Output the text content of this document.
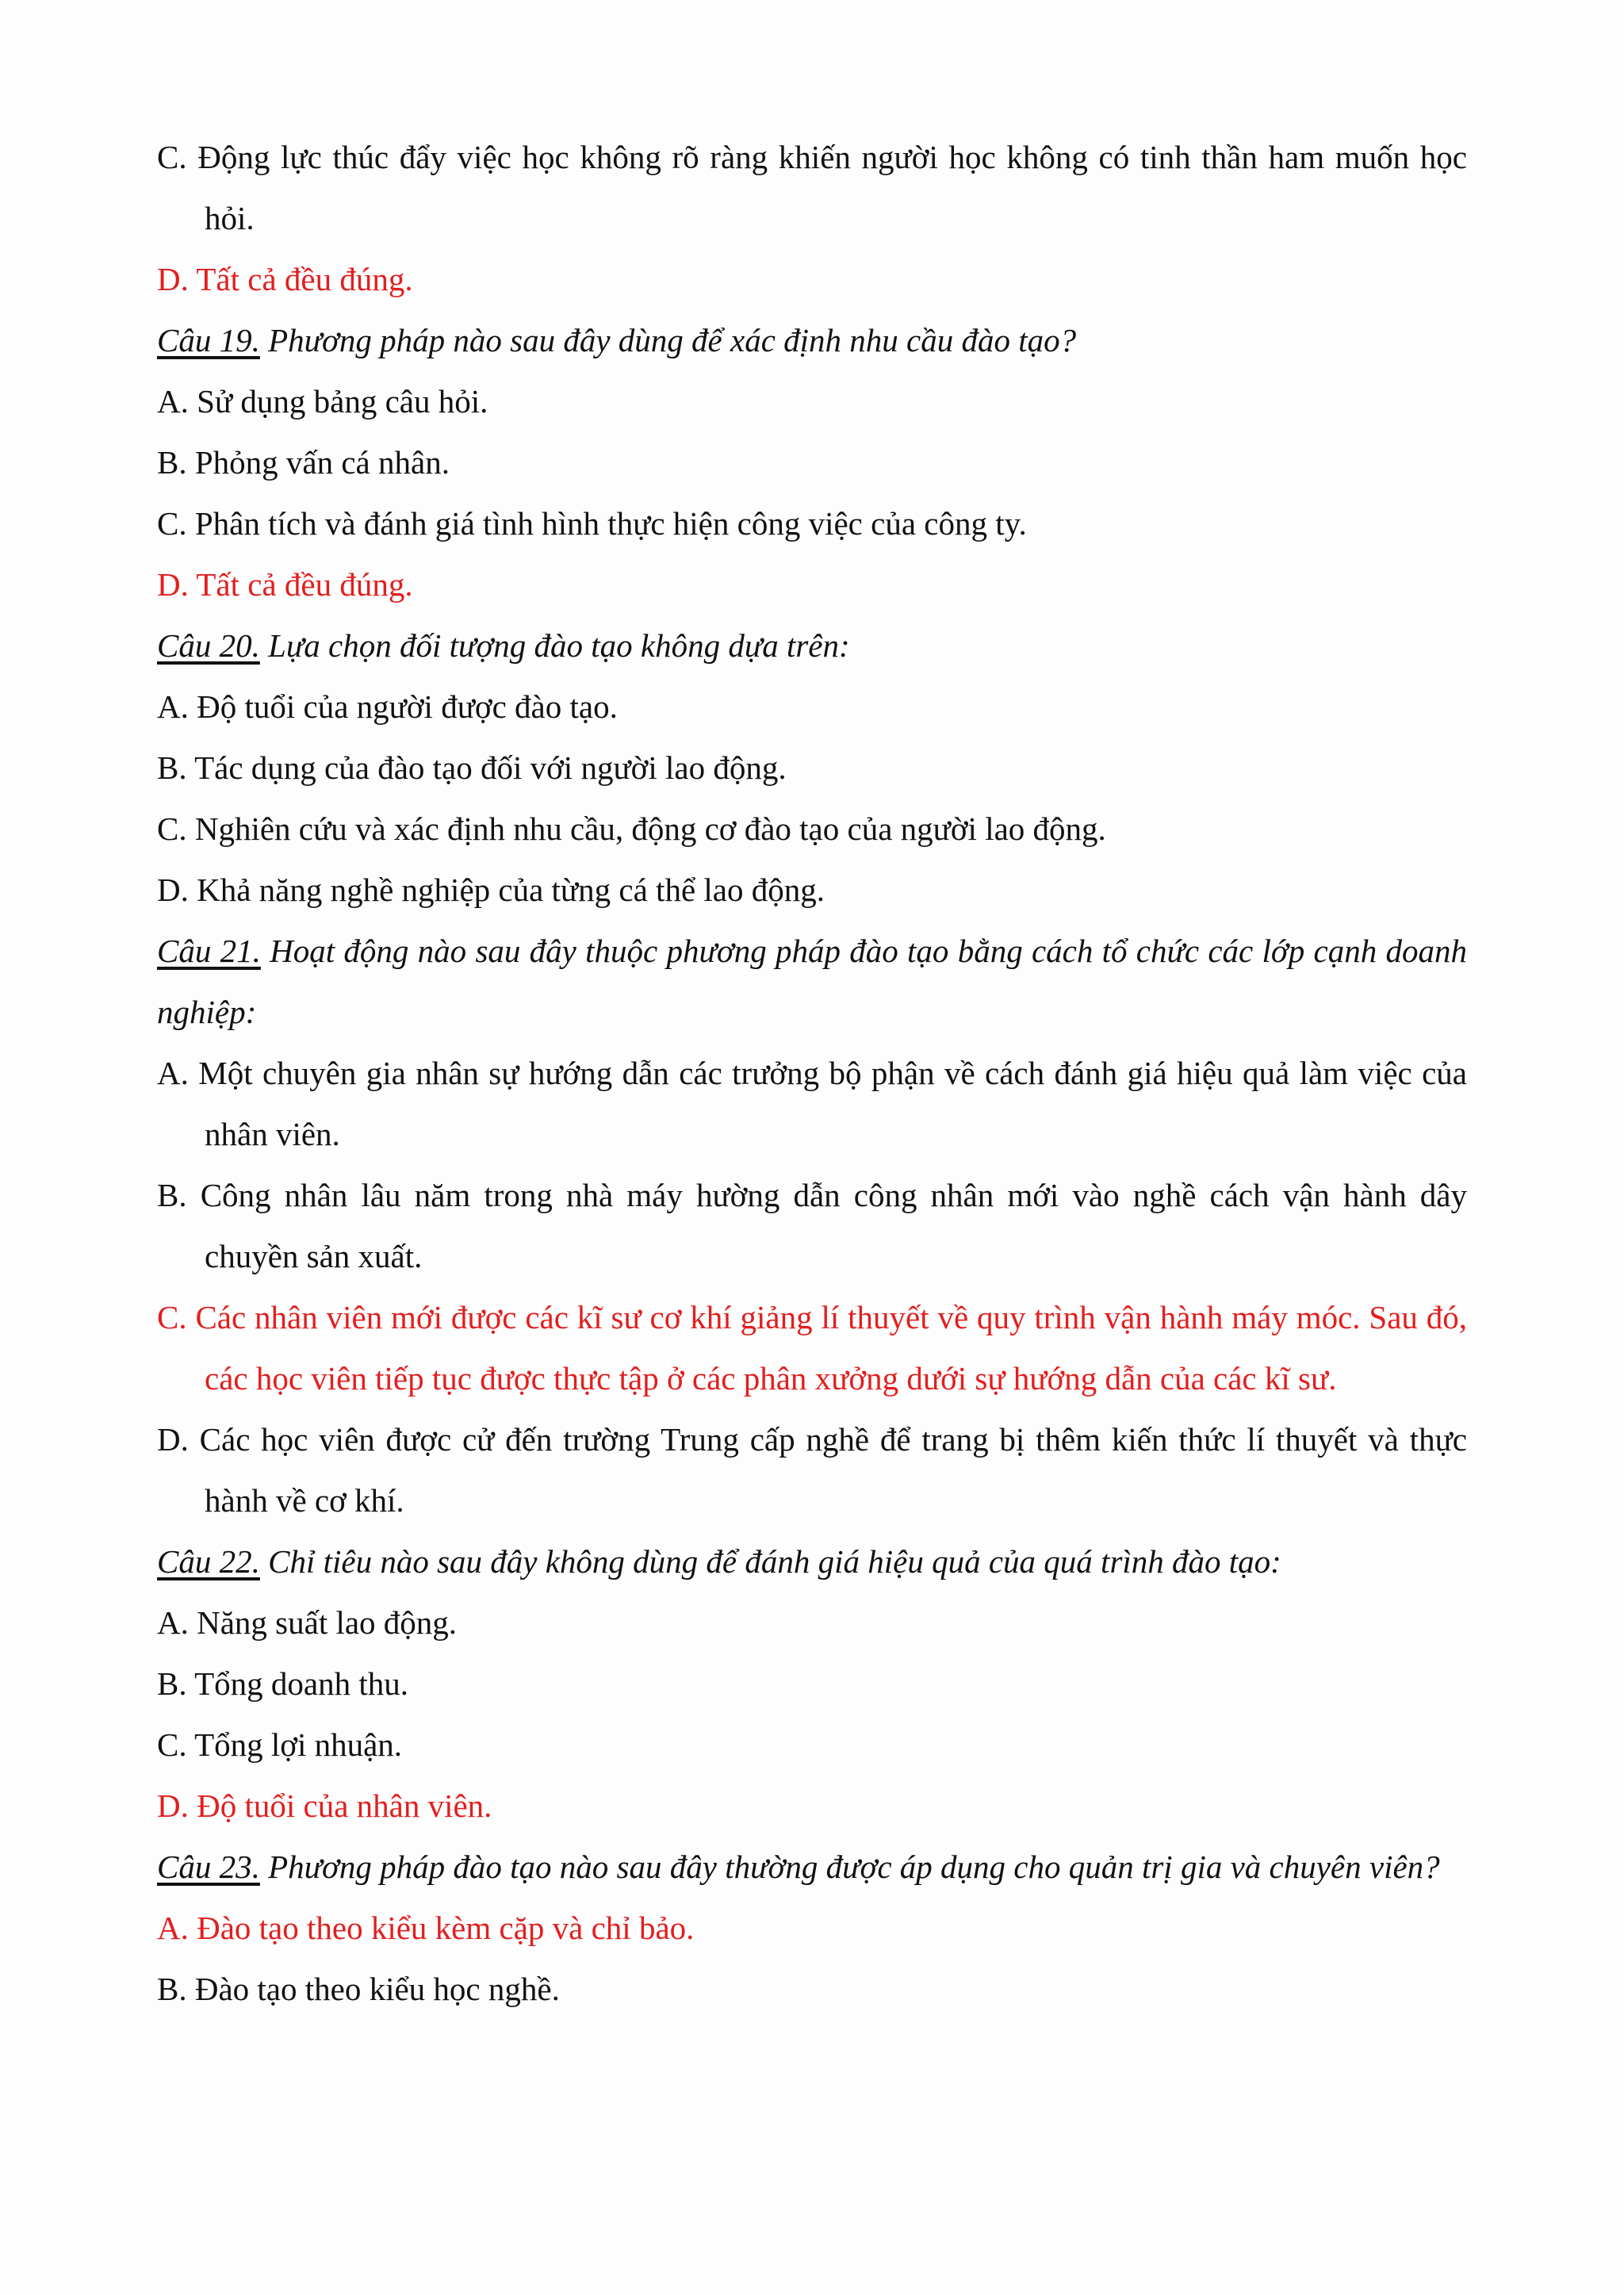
C. Động lực thúc đẩy việc học không rõ ràng khiến người học không có tinh thần ham muốn học hỏi.

D. Tất cả đều đúng.

Câu 19. Phương pháp nào sau đây dùng để xác định nhu cầu đào tạo?

A. Sử dụng bảng câu hỏi.

B. Phỏng vấn cá nhân.

C. Phân tích và đánh giá tình hình thực hiện công việc của công ty.

D. Tất cả đều đúng.

Câu 20. Lựa chọn đối tượng đào tạo không dựa trên:

A. Độ tuổi của người được đào tạo.

B. Tác dụng của đào tạo đối với người lao động.

C. Nghiên cứu và xác định nhu cầu, động cơ đào tạo của người lao động.

D. Khả năng nghề nghiệp của từng cá thể lao động.

Câu 21. Hoạt động nào sau đây thuộc phương pháp đào tạo bằng cách tổ chức các lớp cạnh doanh nghiệp:

A. Một chuyên gia nhân sự hướng dẫn các trưởng bộ phận về cách đánh giá hiệu quả làm việc của nhân viên.

B. Công nhân lâu năm trong nhà máy hường dẫn công nhân mới vào nghề cách vận hành dây chuyền sản xuất.

C. Các nhân viên mới được các kĩ sư cơ khí giảng lí thuyết về quy trình vận hành máy móc. Sau đó, các học viên tiếp tục được thực tập ở các phân xưởng dưới sự hướng dẫn của các kĩ sư.

D. Các học viên được cử đến trường Trung cấp nghề để trang bị thêm kiến thức lí thuyết và thực hành về cơ khí.

Câu 22. Chỉ tiêu nào sau đây không dùng để đánh giá hiệu quả của quá trình đào tạo:

A. Năng suất lao động.

B. Tổng doanh thu.

C. Tổng lợi nhuận.

D. Độ tuổi của nhân viên.

Câu 23. Phương pháp đào tạo nào sau đây thường được áp dụng cho quản trị gia và chuyên viên?

A. Đào tạo theo kiểu kèm cặp và chỉ bảo.

B. Đào tạo theo kiểu học nghề.
